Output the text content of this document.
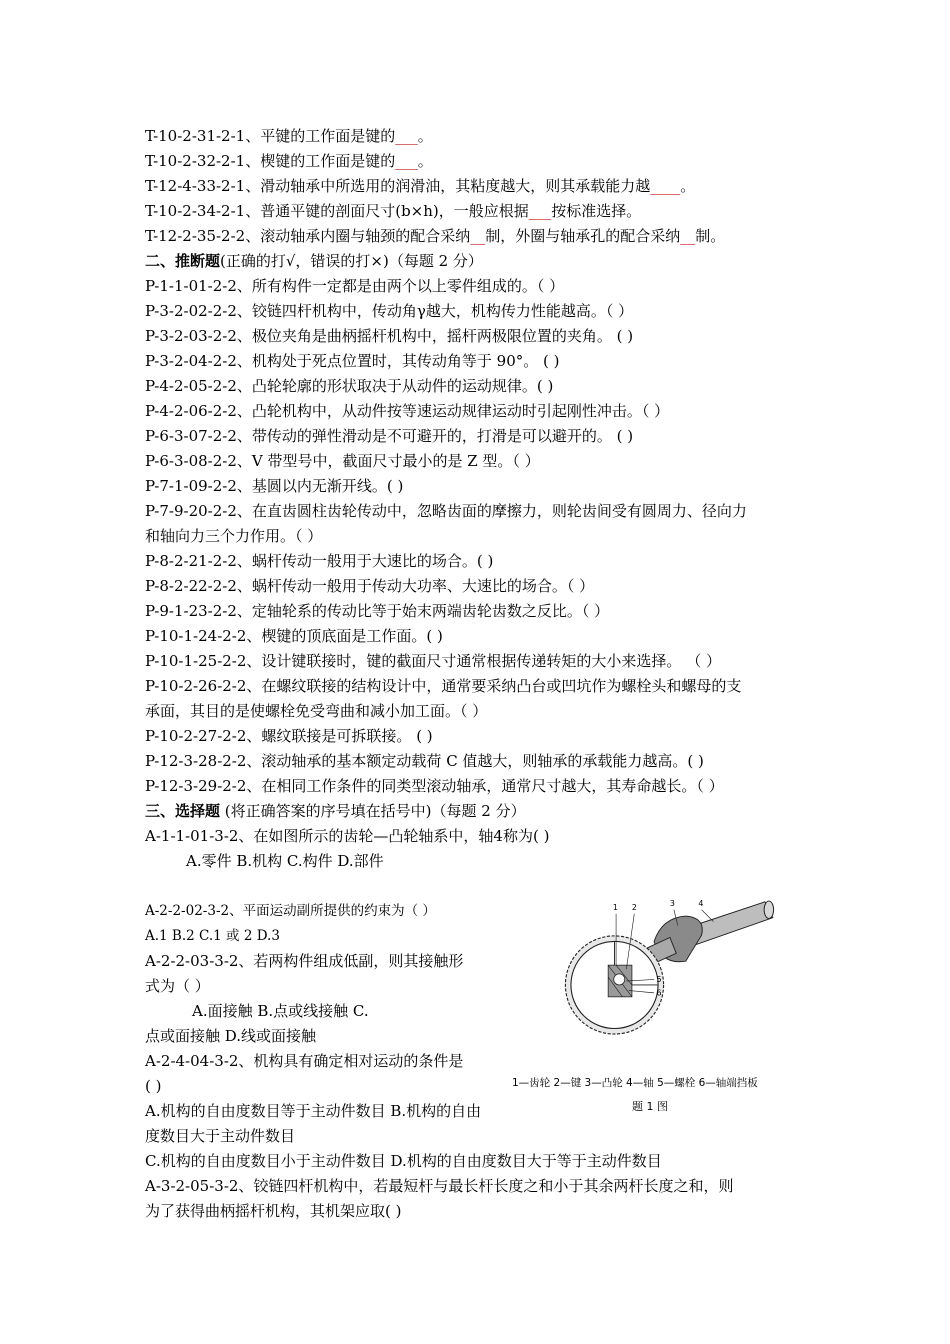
T-10-2-31-2-1、平键的工作面是键的___。
T-10-2-32-2-1、楔键的工作面是键的___。
T-12-4-33-2-1、滑动轴承中所选用的润滑油，其粘度越大，则其承载能力越____。
T-10-2-34-2-1、普通平键的剖面尺寸(b×h)，一般应根据___按标准选择。
T-12-2-35-2-2、滚动轴承内圈与轴颈的配合采纳__制，外圈与轴承孔的配合采纳__制。
二、推断题(正确的打√，错误的打×)（每题 2 分）
P-1-1-01-2-2、所有构件一定都是由两个以上零件组成的。（ ）
P-3-2-02-2-2、铰链四杆机构中，传动角γ越大，机构传力性能越高。（ ）
P-3-2-03-2-2、极位夹角是曲柄摇杆机构中，摇杆两极限位置的夹角。 ( )
P-3-2-04-2-2、机构处于死点位置时，其传动角等于 90°。 ( )
P-4-2-05-2-2、凸轮轮廓的形状取决于从动件的运动规律。( )
P-4-2-06-2-2、凸轮机构中，从动件按等速运动规律运动时引起刚性冲击。（ ）
P-6-3-07-2-2、带传动的弹性滑动是不可避开的，打滑是可以避开的。 ( )
P-6-3-08-2-2、V 带型号中，截面尺寸最小的是 Z 型。（ ）
P-7-1-09-2-2、基圆以内无渐开线。( )
P-7-9-20-2-2、在直齿圆柱齿轮传动中，忽略齿面的摩擦力，则轮齿间受有圆周力、径向力
和轴向力三个力作用。（ ）
P-8-2-21-2-2、蜗杆传动一般用于大速比的场合。( )
P-8-2-22-2-2、蜗杆传动一般用于传动大功率、大速比的场合。（ ）
P-9-1-23-2-2、定轴轮系的传动比等于始末两端齿轮齿数之反比。（ ）
P-10-1-24-2-2、楔键的顶底面是工作面。( )
P-10-1-25-2-2、设计键联接时，键的截面尺寸通常根据传递转矩的大小来选择。 （ ）
P-10-2-26-2-2、在螺纹联接的结构设计中，通常要采纳凸台或凹坑作为螺栓头和螺母的支
承面，其目的是使螺栓免受弯曲和减小加工面。（ ）
P-10-2-27-2-2、螺纹联接是可拆联接。 ( )
P-12-3-28-2-2、滚动轴承的基本额定动载荷 C 值越大，则轴承的承载能力越高。( )
P-12-3-29-2-2、在相同工作条件的同类型滚动轴承，通常尺寸越大，其寿命越长。（ ）
三、选择题 (将正确答案的序号填在括号中)（每题 2 分）
A-1-1-01-3-2、在如图所示的齿轮—凸轮轴系中，轴4称为( )
A.零件 B.机构 C.构件 D.部件
A-2-2-02-3-2、平面运动副所提供的约束为（ ）
A.1 B.2 C.1 或 2 D.3
A-2-2-03-3-2、若两构件组成低副，则其接触形
式为（ ）
A.面接触 B.点或线接触 C.
点或面接触 D.线或面接触
A-2-4-04-3-2、机构具有确定相对运动的条件是
( )
A.机构的自由度数目等于主动件数目 B.机构的自由
度数目大于主动件数目
C.机构的自由度数目小于主动件数目 D.机构的自由度数目大于等于主动件数目
A-3-2-05-3-2、铰链四杆机构中，若最短杆与最长杆长度之和小于其余两杆长度之和，则
为了获得曲柄摇杆机构，其机架应取( )
1 2	3 4
5
6
1—齿轮 2—键 3—凸轮 4—轴 5—螺栓 6—轴端挡板
题 1 图
